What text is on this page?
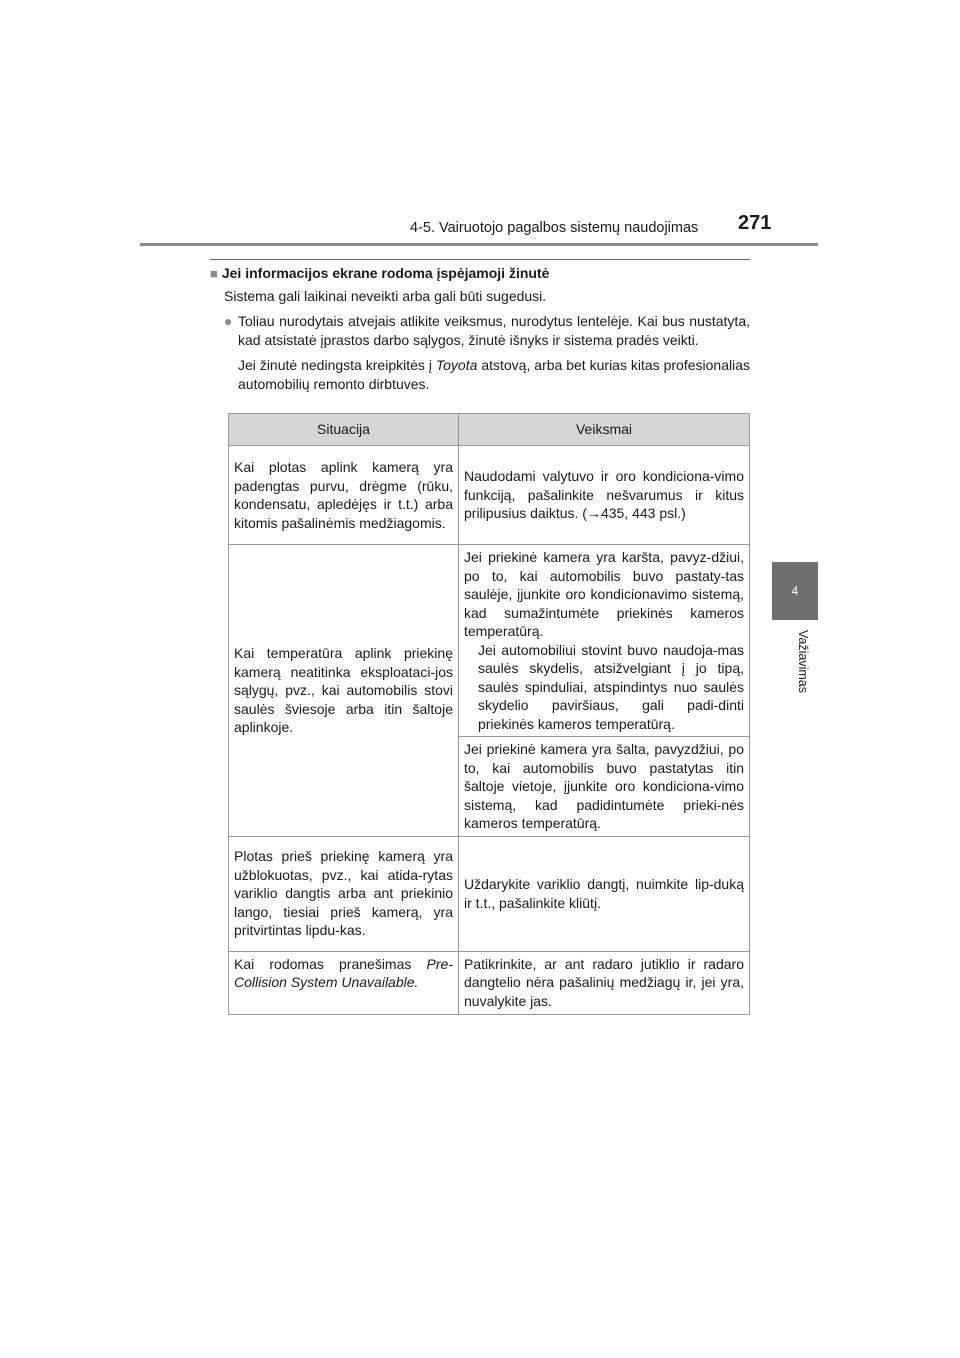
4-5. Vairuotojo pagalbos sistemų naudojimas 271
4
Važiavimas

■ Jei informacijos ekrane rodoma įspėjamoji žinutė

Sistema gali laikinai neveikti arba gali būti sugedusi.

● Toliau nurodytais atvejais atlikite veiksmus, nurodytus lentelėje. Kai bus nustatyta, kad atsistatė įprastos darbo sąlygos, žinutė išnyks ir sistema pradės veikti.

Jei žinutė nedingsta kreipkitės į Toyota atstovą, arba bet kurias kitas profesionalias automobilių remonto dirbtuves.

Situacija	Veiksmai
Kai plotas aplink kamerą yra padengtas purvu, drėgme (rūku, kondensatu, apledėjęs ir t.t.) arba kitomis pašalinėmis medžiagomis.	Naudodami valytuvo ir oro kondiciona-vimo funkciją, pašalinkite nešvarumus ir kitus prilipusius daiktus. (→435, 443 psl.)
Kai temperatūra aplink priekinę kamerą neatitinka eksploataci-jos sąlygų, pvz., kai automobilis stovi saulės šviesoje arba itin šaltoje aplinkoje.	Jei priekinė kamera yra karšta, pavyz-džiui, po to, kai automobilis buvo pastaty-tas saulėje, įjunkite oro kondicionavimo sistemą, kad sumažintumėte priekinės kameros temperatūrą.
Jei automobiliui stovint buvo naudoja-mas saulės skydelis, atsižvelgiant į jo tipą, saulės spinduliai, atspindintys nuo saulės skydelio paviršiaus, gali padi-dinti priekinės kameros temperatūrą.

	Jei priekinė kamera yra šalta, pavyzdžiui, po to, kai automobilis buvo pastatytas itin šaltoje vietoje, įjunkite oro kondiciona-vimo sistemą, kad padidintumėte prieki-nės kameros temperatūrą.
Plotas prieš priekinę kamerą yra užblokuotas, pvz., kai atida-rytas variklio dangtis arba ant priekinio lango, tiesiai prieš kamerą, yra pritvirtintas lipdu-kas.	Uždarykite variklio dangtį, nuimkite lip-duką ir t.t., pašalinkite kliūtį.
Kai rodomas pranešimas Pre-Collision System Unavailable.	Patikrinkite, ar ant radaro jutiklio ir radaro dangtelio nėra pašalinių medžiagų ir, jei yra, nuvalykite jas.
